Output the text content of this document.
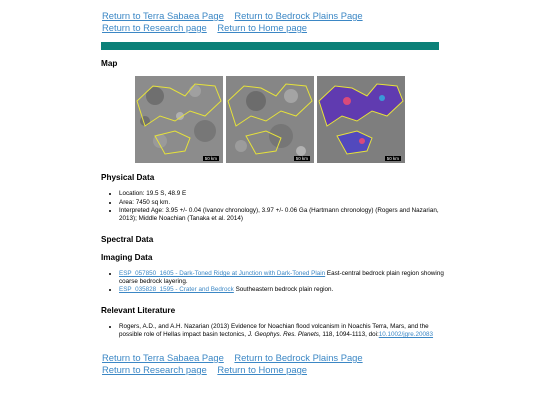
Return to Terra Sabaea Page Return to Bedrock Plains Page
Return to Research page Return to Home page
Map
50 km	50 km	50 km
Physical Data
• Location: 19.5 S, 48.9 E
• Area: 7450 sq km.
• Interpreted Age: 3.95 +/- 0.04 (Ivanov chronology), 3.97 +/- 0.06 Ga (Hartmann chronology) (Rogers and Nazarian, 2013); Middle Noachian (Tanaka et al. 2014)
Spectral Data
Imaging Data
• ESP_057850_1605 - Dark-Toned Ridge at Junction with Dark-Toned Plain East-central bedrock plain region showing coarse bedrock layering.
• ESP_035828_1595 - Crater and Bedrock Southeastern bedrock plain region.
Relevant Literature
• Rogers, A.D., and A.H. Nazarian (2013) Evidence for Noachian flood volcanism in Noachis Terra, Mars, and the possible role of Hellas impact basin tectonics, J. Geophys. Res. Planets, 118, 1094-1113, doi:10.1002/jgre.20083
Return to Terra Sabaea Page Return to Bedrock Plains Page
Return to Research page Return to Home page
